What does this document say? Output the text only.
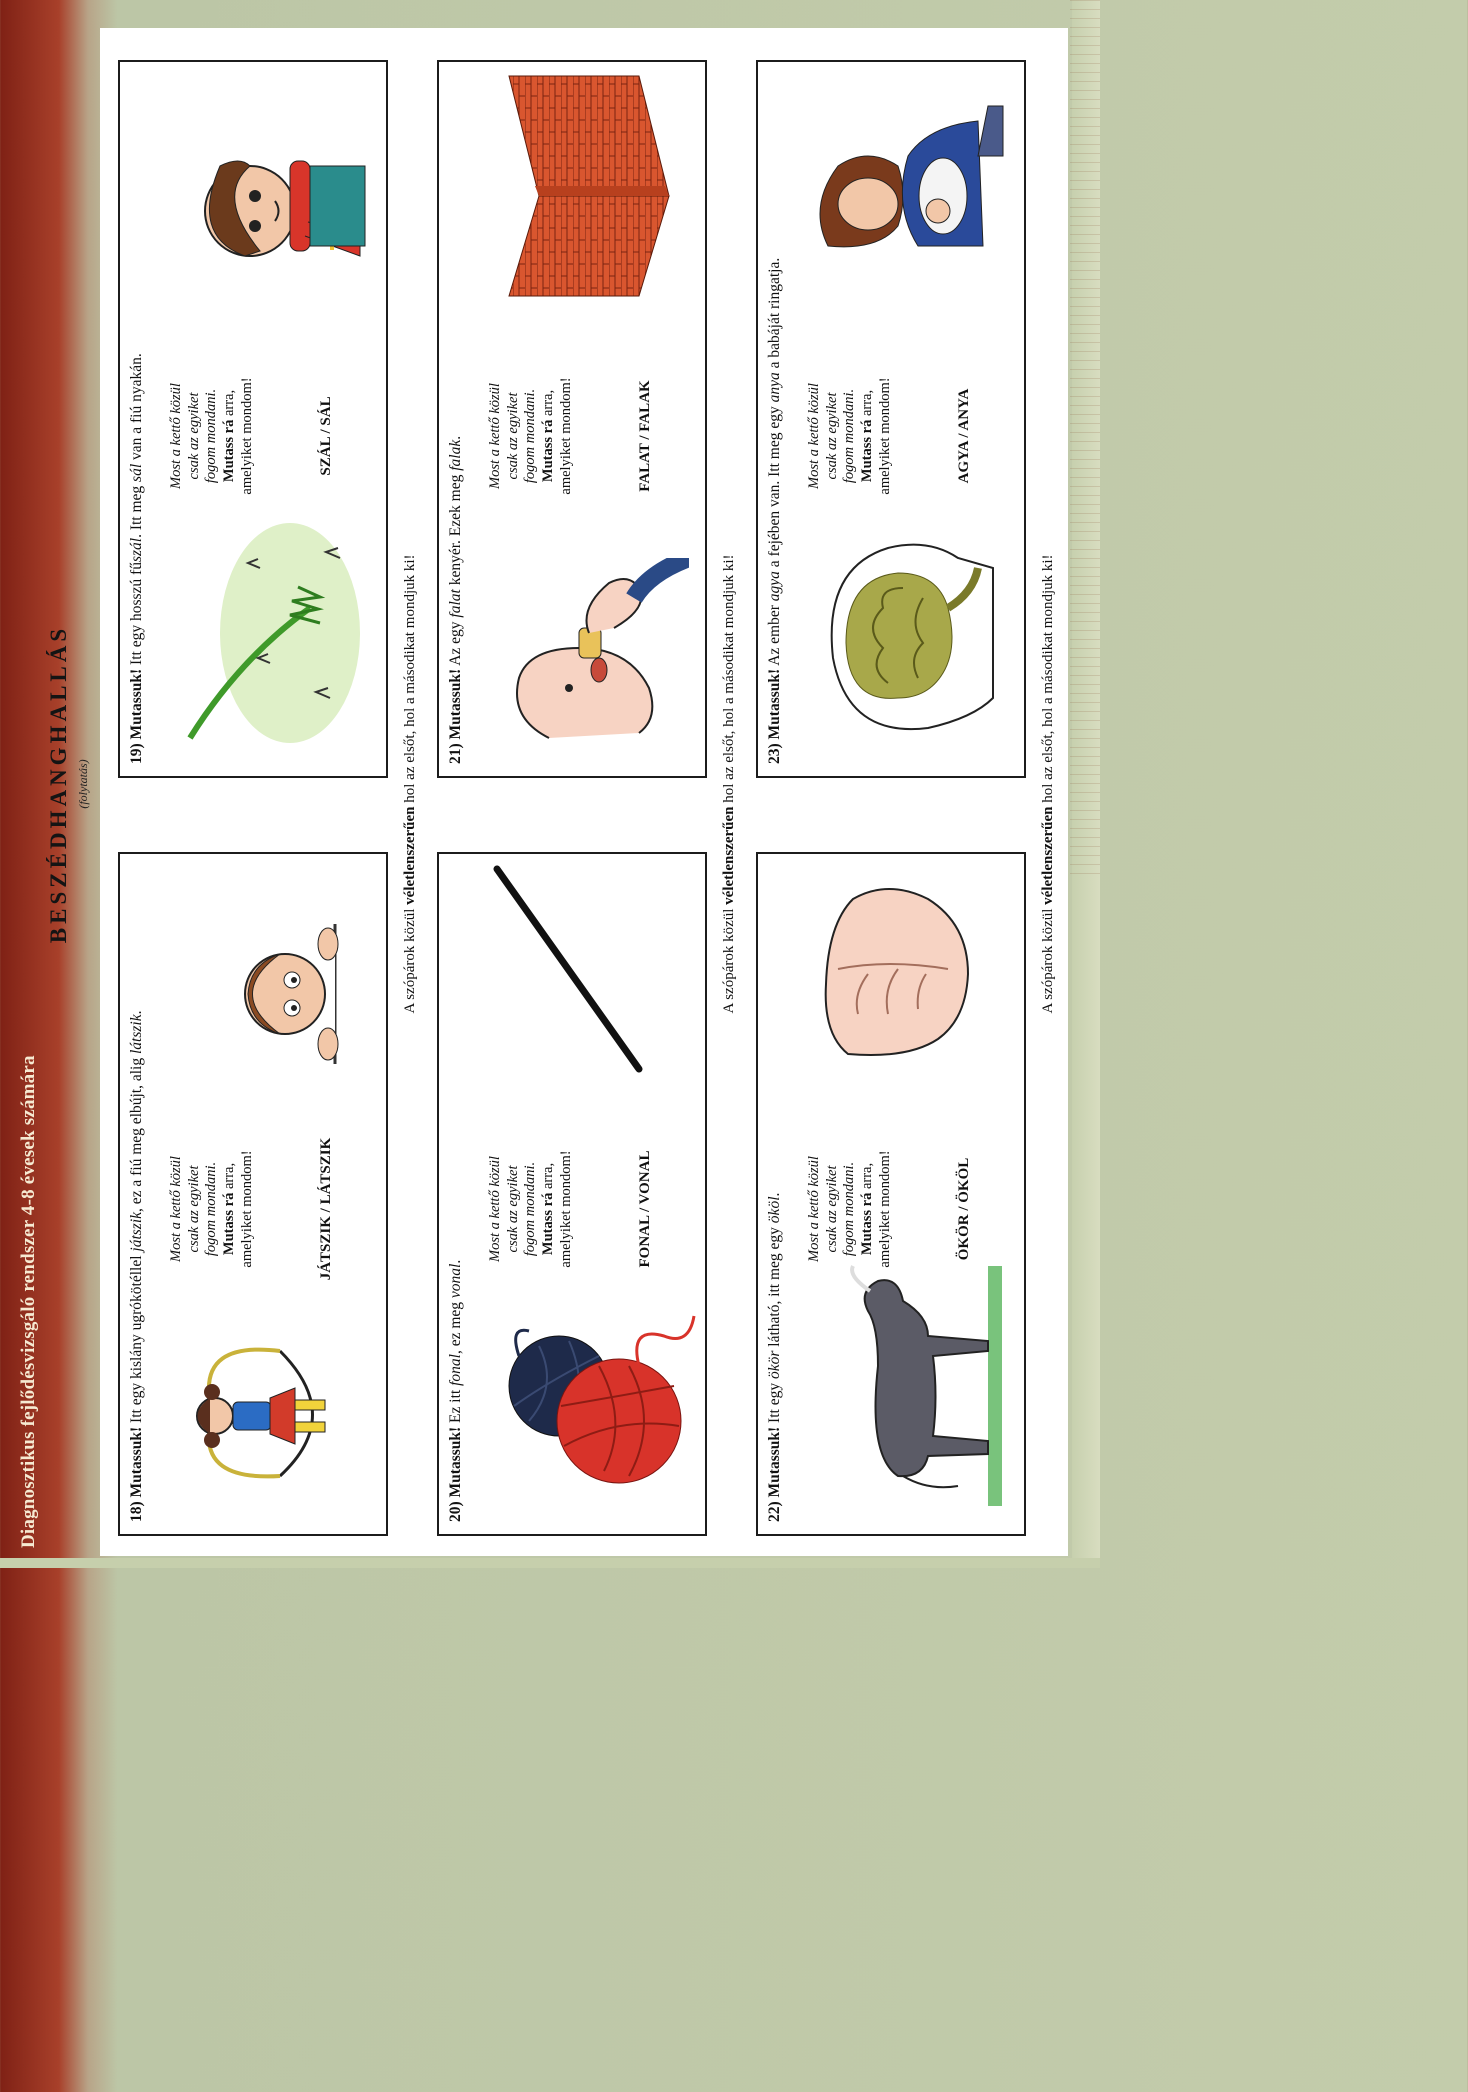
Diagnosztikus fejlődésvizsgáló rendszer 4-8 évesek számára
BESZÉDHANGHALLÁS (folytatás)
18) Mutassuk! Itt egy kislány ugrókötéllel játszik, ez a fiú meg elbújt, alig látszik.
Most a kettő közül csak az egyiket fogom mondani. Mutass rá arra, amelyiket mondom!	JÁTSZIK / LÁTSZIK
19) Mutassuk! Itt egy hosszú fűszál. Itt meg sál van a fiú nyakán. Most a kettő közül csak az egyiket fogom mondani. Mutass rá arra, amelyiket mondom!	SZÁL / SÁL
A szópárok közül véletlenszerűen hol az elsőt, hol a másodikat mondjuk ki!
20) Mutassuk! Ez itt fonal, ez meg vonal. Most a kettő közül csak az egyiket fogom mondani. Mutass rá arra, amelyiket mondom!	FONAL / VONAL
21) Mutassuk! Az egy falat kenyér. Ezek meg falak. Most a kettő közül csak az egyiket fogom mondani. Mutass rá arra, amelyiket mondom!	FALAT / FALAK
A szópárok közül véletlenszerűen hol az elsőt, hol a másodikat mondjuk ki!
22) Mutassuk! Itt egy ökör látható, itt meg egy ököl. Most a kettő közül csak az egyiket fogom mondani. Mutass rá arra, amelyiket mondom!	ÖKÖR / ÖKÖL
23) Mutassuk! Az ember agya a fejében van. Itt meg egy anya a babáját ringatja.
Most a kettő közül csak az egyiket fogom mondani. Mutass rá arra, amelyiket mondom!	AGYA / ANYA
A szópárok közül véletlenszerűen hol az elsőt, hol a másodikat mondjuk ki!
